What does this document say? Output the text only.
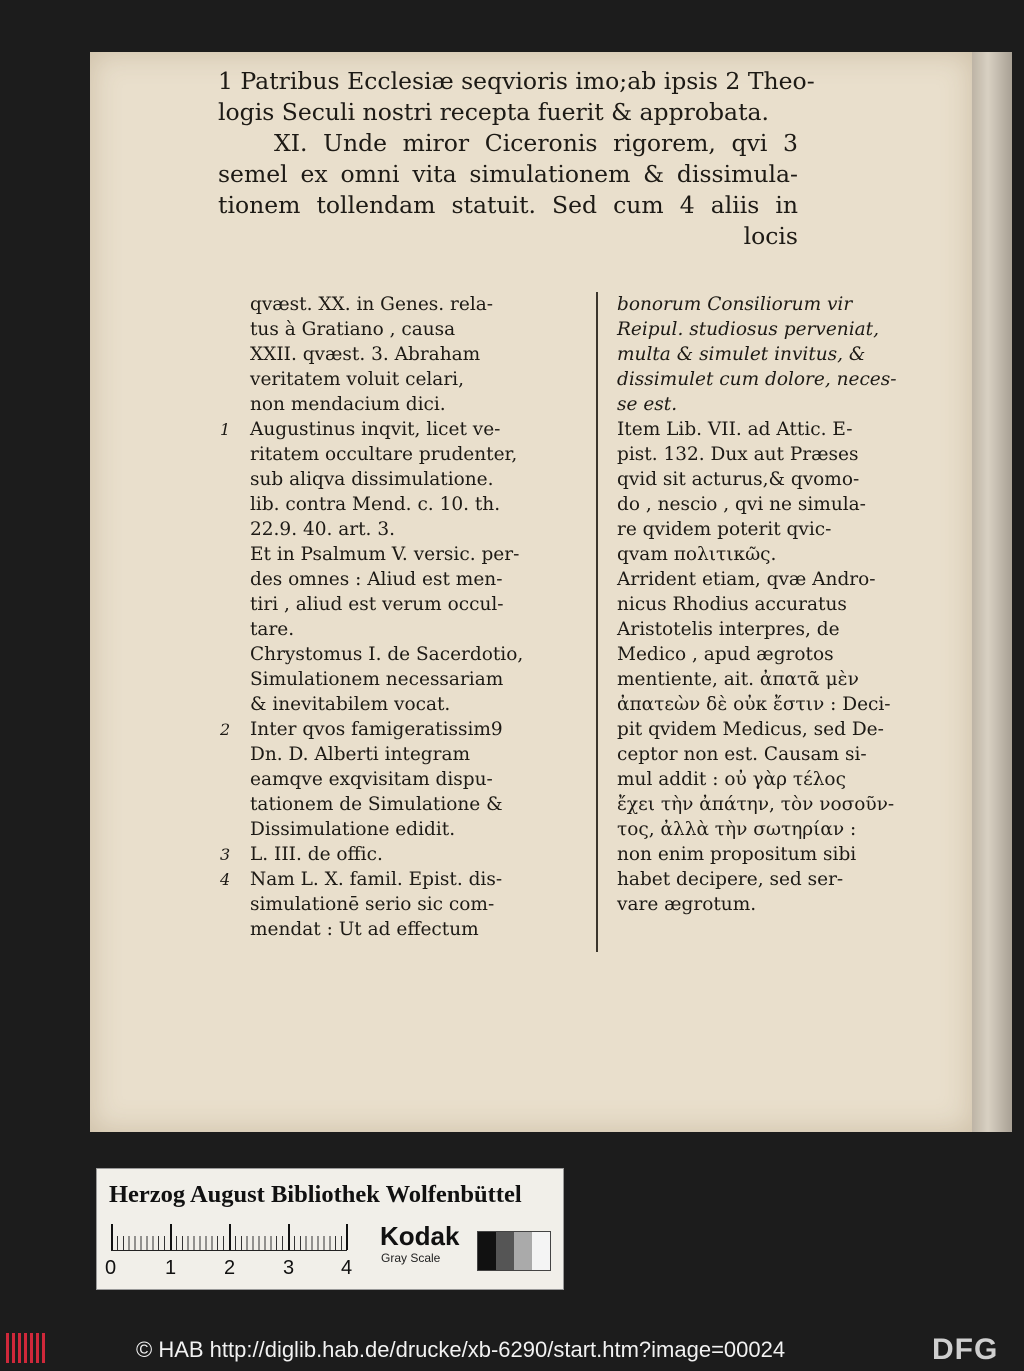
1 Patribus Ecclesiæ seqvioris imo;ab ipsis 2 Theo-
logis Seculi nostri recepta fuerit & approbata.
XI. Unde miror Ciceronis rigorem, qvi 3
semel ex omni vita simulationem & dissimula-
tionem tollendam statuit. Sed cum 4 aliis in
locis
qvæst. XX. in Genes. rela-
tus à Gratiano , causa
XXII. qvæst. 3. Abraham
veritatem voluit celari,
non mendacium dici.
1 Augustinus inqvit, licet ve-
ritatem occultare prudenter,
sub aliqva dissimulatione.
lib. contra Mend. c. 10. th.
22.9. 40. art. 3.
Et in Psalmum V. versic. per-
des omnes : Aliud est men-
tiri , aliud est verum occul-
tare.
Chrystomus I. de Sacerdotio,
Simulationem necessariam
& inevitabilem vocat.
2 Inter qvos famigeratissim9
Dn. D. Alberti integram
eamqve exqvisitam dispu-
tationem de Simulatione &
Dissimulatione edidit.
3 L. III. de offic.
4 Nam L. X. famil. Epist. dis-
simulationē serio sic com-
mendat : Ut ad effectum
bonorum Consiliorum vir
Reipul. studiosus perveniat,
multa & simulet invitus, &
dissimulet cum dolore, neces-
se est.
Item Lib. VII. ad Attic. E-
pist. 132. Dux aut Præses
qvid sit acturus,& qvomo-
do , nescio , qvi ne simula-
re qvidem poterit qvic-
qvam πολιτικῶς.
Arrident etiam, qvæ Andro-
nicus Rhodius accuratus
Aristotelis interpres, de
Medico , apud ægrotos
mentiente, ait. ἀπατᾶ μὲν
ἀπατεὼν δὲ οὐκ ἔστιν : Deci-
pit qvidem Medicus, sed De-
ceptor non est. Causam si-
mul addit : οὐ γὰρ τέλος
ἔχει τὴν ἀπάτην, τὸν νοσοῦν-
τος, ἀλλὰ τὴν σωτηρίαν :
non enim propositum sibi
habet decipere, sed ser-
vare ægrotum.
Herzog August Bibliothek Wolfenbüttel
0 1 2 3 4
Kodak
Gray Scale
© HAB http://diglib.hab.de/drucke/xb-6290/start.htm?image=00024	DFG
